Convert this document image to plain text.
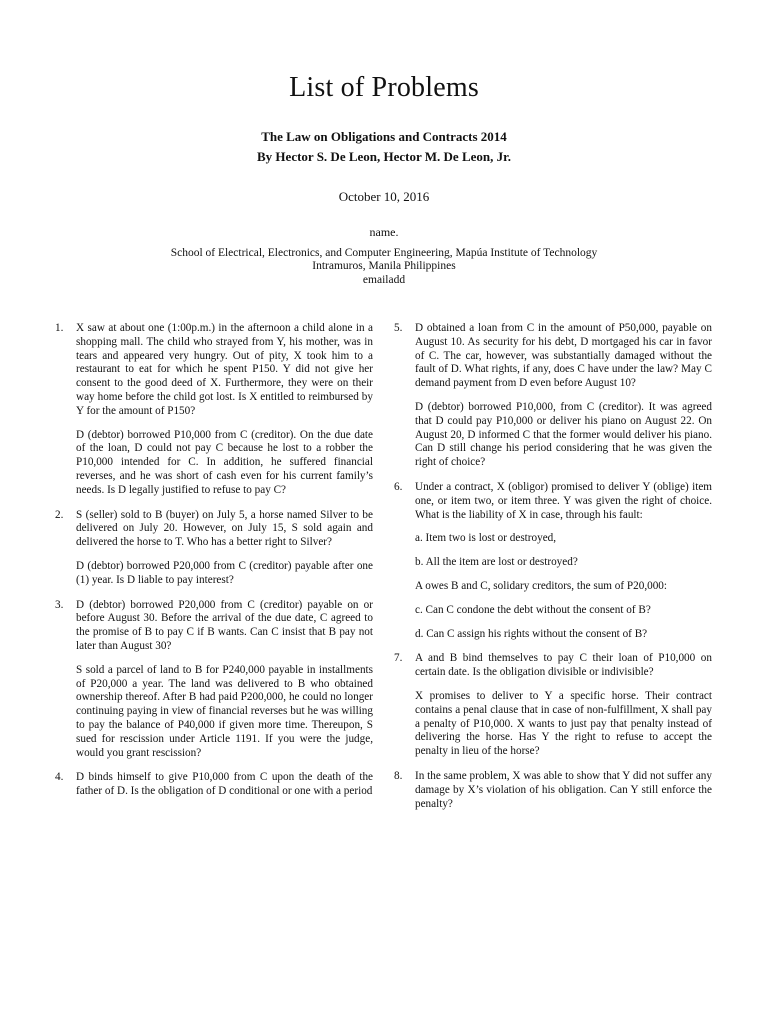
List of Problems
The Law on Obligations and Contracts 2014
By Hector S. De Leon, Hector M. De Leon, Jr.
October 10, 2016
name.
School of Electrical, Electronics, and Computer Engineering, Mapúa Institute of Technology
Intramuros, Manila Philippines
emailadd
1. X saw at about one (1:00p.m.) in the afternoon a child alone in a shopping mall. The child who strayed from Y, his mother, was in tears and appeared very hungry. Out of pity, X took him to a restaurant to eat for which he spent P150. Y did not give her consent to the good deed of X. Furthermore, they were on their way home before the child got lost. Is X entitled to reimbursed by Y for the amount of P150?

D (debtor) borrowed P10,000 from C (creditor). On the due date of the loan, D could not pay C because he lost to a robber the P10,000 intended for C. In addition, he suffered financial reverses, and he was short of cash even for his current family’s needs. Is D legally justified to refuse to pay C?

2. S (seller) sold to B (buyer) on July 5, a horse named Silver to be delivered on July 20. However, on July 15, S sold again and delivered the horse to T. Who has a better right to Silver?

D (debtor) borrowed P20,000 from C (creditor) payable after one (1) year. Is D liable to pay interest?

3. D (debtor) borrowed P20,000 from C (creditor) payable on or before August 30. Before the arrival of the due date, C agreed to the promise of B to pay C if B wants. Can C insist that B pay not later than August 30?

S sold a parcel of land to B for P240,000 payable in installments of P20,000 a year. The land was delivered to B who obtained ownership thereof. After B had paid P200,000, he could no longer continuing paying in view of financial reverses but he was willing to pay the balance of P40,000 if given more time. Thereupon, S sued for rescission under Article 1191. If you were the judge, would you grant rescission?

4. D binds himself to give P10,000 from C upon the death of the father of D. Is the obligation of D conditional or one with a period

5. D obtained a loan from C in the amount of P50,000, payable on August 10. As security for his debt, D mortgaged his car in favor of C. The car, however, was substantially damaged without the fault of D. What rights, if any, does C have under the law? May C demand payment from D even before August 10?

D (debtor) borrowed P10,000, from C (creditor). It was agreed that D could pay P10,000 or deliver his piano on August 22. On August 20, D informed C that the former would deliver his piano. Can D still change his period considering that he was given the right of choice?

6. Under a contract, X (obligor) promised to deliver Y (oblige) item one, or item two, or item three. Y was given the right of choice. What is the liability of X in case, through his fault:

a. Item two is lost or destroyed,

b. All the item are lost or destroyed?

A owes B and C, solidary creditors, the sum of P20,000:

c. Can C condone the debt without the consent of B?

d. Can C assign his rights without the consent of B?

7. A and B bind themselves to pay C their loan of P10,000 on certain date. Is the obligation divisible or indivisible?

X promises to deliver to Y a specific horse. Their contract contains a penal clause that in case of non-fulfillment, X shall pay a penalty of P10,000. X wants to just pay that penalty instead of delivering the horse. Has Y the right to refuse to accept the penalty in lieu of the horse?

8. In the same problem, X was able to show that Y did not suffer any damage by X’s violation of his obligation. Can Y still enforce the penalty?
